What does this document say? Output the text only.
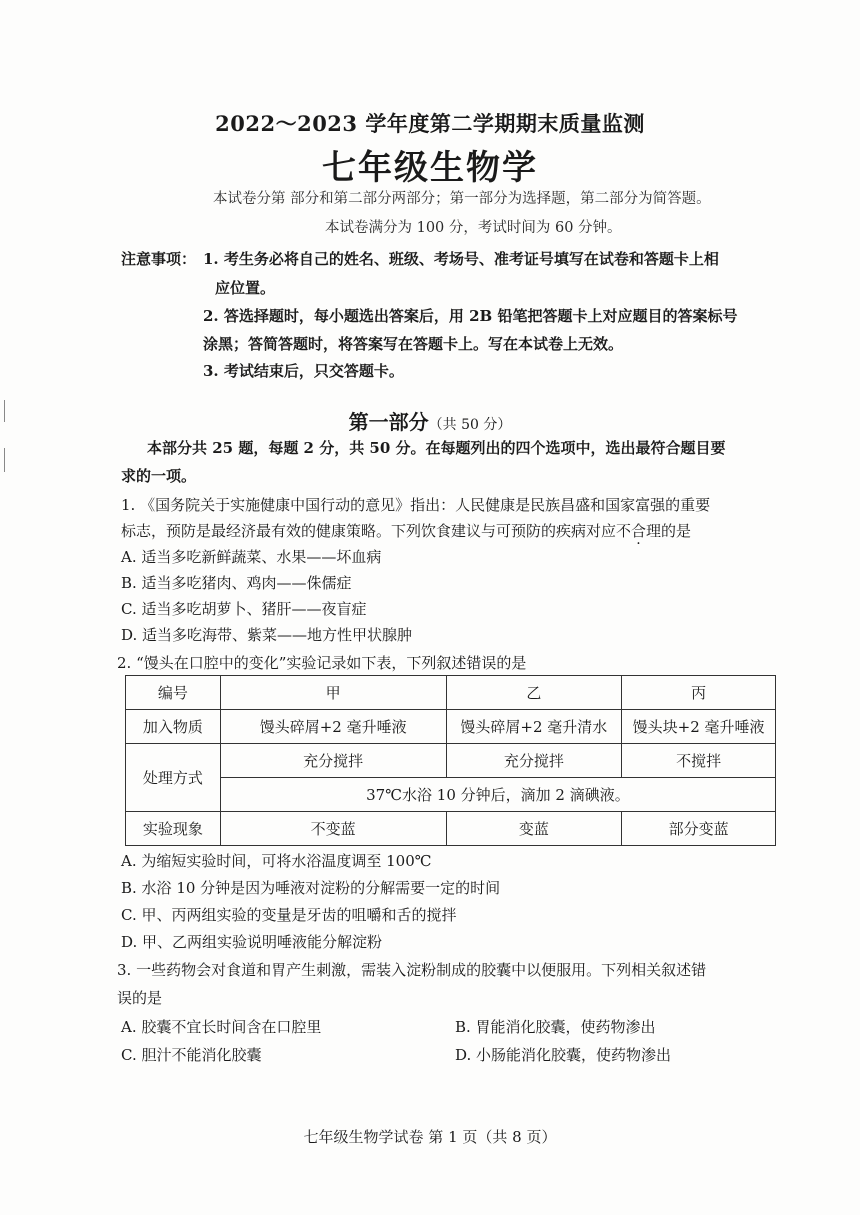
2022～2023 学年度第二学期期末质量监测

七年级生物学

本试卷分第 部分和第二部分两部分；第一部分为选择题，第二部分为简答题。

本试卷满分为 100 分，考试时间为 60 分钟。

注意事项： 1. 考生务必将自己的姓名、班级、考场号、准考证号填写在试卷和答题卡上相

应位置。

2. 答选择题时，每小题选出答案后，用 2B 铅笔把答题卡上对应题目的答案标号

涂黑；答简答题时，将答案写在答题卡上。写在本试卷上无效。

3. 考试结束后，只交答题卡。

第一部分（共 50 分）

本部分共 25 题，每题 2 分，共 50 分。在每题列出的四个选项中，选出最符合题目要

求的一项。

1. 《国务院关于实施健康中国行动的意见》指出：人民健康是民族昌盛和国家富强的重要

标志，预防是最经济最有效的健康策略。下列饮食建议与可预防的疾病对应不合理的是

A. 适当多吃新鲜蔬菜、水果——坏血病

B. 适当多吃猪肉、鸡肉——侏儒症

C. 适当多吃胡萝卜、猪肝——夜盲症

D. 适当多吃海带、紫菜——地方性甲状腺肿

2. “馒头在口腔中的变化”实验记录如下表，下列叙述错误的是

编号	甲	乙	丙
加入物质	馒头碎屑+2 毫升唾液	馒头碎屑+2 毫升清水	馒头块+2 毫升唾液
处理方式	充分搅拌	充分搅拌	不搅拌
	37℃水浴 10 分钟后，滴加 2 滴碘液。		
实验现象	不变蓝	变蓝	部分变蓝

A. 为缩短实验时间，可将水浴温度调至 100℃

B. 水浴 10 分钟是因为唾液对淀粉的分解需要一定的时间

C. 甲、丙两组实验的变量是牙齿的咀嚼和舌的搅拌

D. 甲、乙两组实验说明唾液能分解淀粉

3. 一些药物会对食道和胃产生刺激，需装入淀粉制成的胶囊中以便服用。下列相关叙述错

误的是

A. 胶囊不宜长时间含在口腔里	B. 胃能消化胶囊，使药物渗出

C. 胆汁不能消化胶囊	D. 小肠能消化胶囊，使药物渗出

七年级生物学试卷 第 1 页（共 8 页）
